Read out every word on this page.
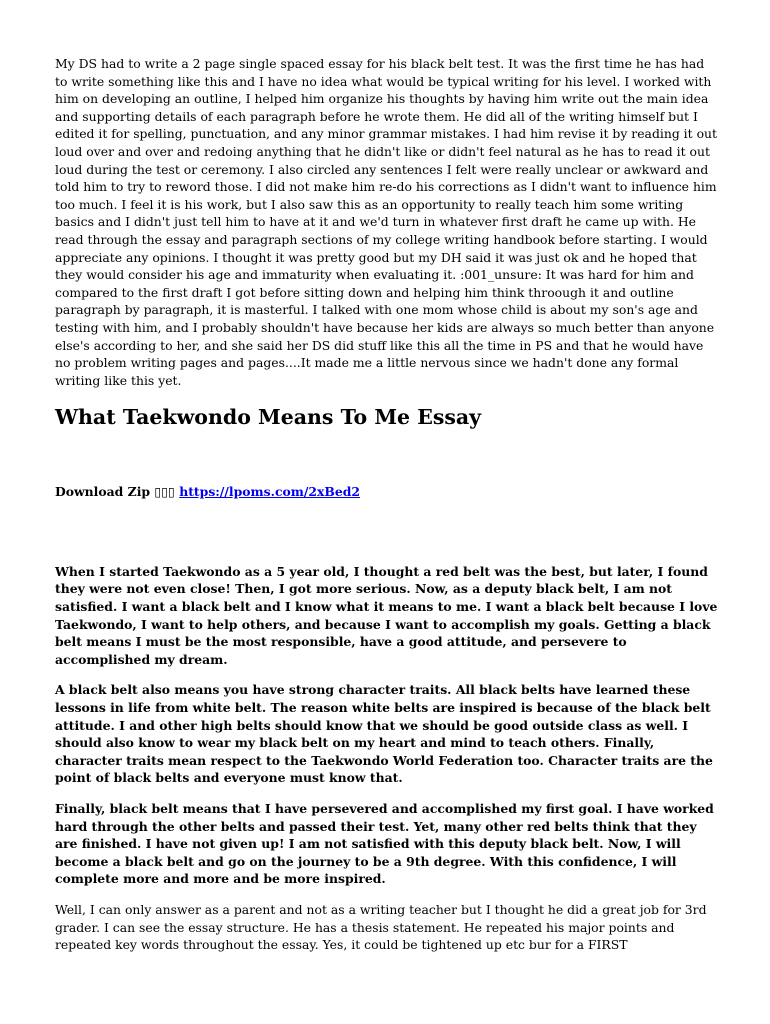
My DS had to write a 2 page single spaced essay for his black belt test. It was the first time he has had to write something like this and I have no idea what would be typical writing for his level. I worked with him on developing an outline, I helped him organize his thoughts by having him write out the main idea and supporting details of each paragraph before he wrote them. He did all of the writing himself but I edited it for spelling, punctuation, and any minor grammar mistakes. I had him revise it by reading it out loud over and over and redoing anything that he didn't like or didn't feel natural as he has to read it out loud during the test or ceremony. I also circled any sentences I felt were really unclear or awkward and told him to try to reword those. I did not make him re-do his corrections as I didn't want to influence him too much. I feel it is his work, but I also saw this as an opportunity to really teach him some writing basics and I didn't just tell him to have at it and we'd turn in whatever first draft he came up with. He read through the essay and paragraph sections of my college writing handbook before starting. I would appreciate any opinions. I thought it was pretty good but my DH said it was just ok and he hoped that they would consider his age and immaturity when evaluating it. :001_unsure: It was hard for him and compared to the first draft I got before sitting down and helping him think throough it and outline paragraph by paragraph, it is masterful. I talked with one mom whose child is about my son's age and testing with him, and I probably shouldn't have because her kids are always so much better than anyone else's according to her, and she said her DS did stuff like this all the time in PS and that he would have no problem writing pages and pages....It made me a little nervous since we hadn't done any formal writing like this yet.

What Taekwondo Means To Me Essay
Download Zip ▯▯▯ https://lpoms.com/2xBed2

When I started Taekwondo as a 5 year old, I thought a red belt was the best, but later, I found they were not even close! Then, I got more serious. Now, as a deputy black belt, I am not satisfied. I want a black belt and I know what it means to me. I want a black belt because I love Taekwondo, I want to help others, and because I want to accomplish my goals. Getting a black belt means I must be the most responsible, have a good attitude, and persevere to accomplished my dream.

A black belt also means you have strong character traits. All black belts have learned these lessons in life from white belt. The reason white belts are inspired is because of the black belt attitude. I and other high belts should know that we should be good outside class as well. I should also know to wear my black belt on my heart and mind to teach others. Finally, character traits mean respect to the Taekwondo World Federation too. Character traits are the point of black belts and everyone must know that.

Finally, black belt means that I have persevered and accomplished my first goal. I have worked hard through the other belts and passed their test. Yet, many other red belts think that they are finished. I have not given up! I am not satisfied with this deputy black belt. Now, I will become a black belt and go on the journey to be a 9th degree. With this confidence, I will complete more and more and be more inspired.

Well, I can only answer as a parent and not as a writing teacher but I thought he did a great job for 3rd grader. I can see the essay structure. He has a thesis statement. He repeated his major points and repeated key words throughout the essay. Yes, it could be tightened up etc bur for a FIRST
